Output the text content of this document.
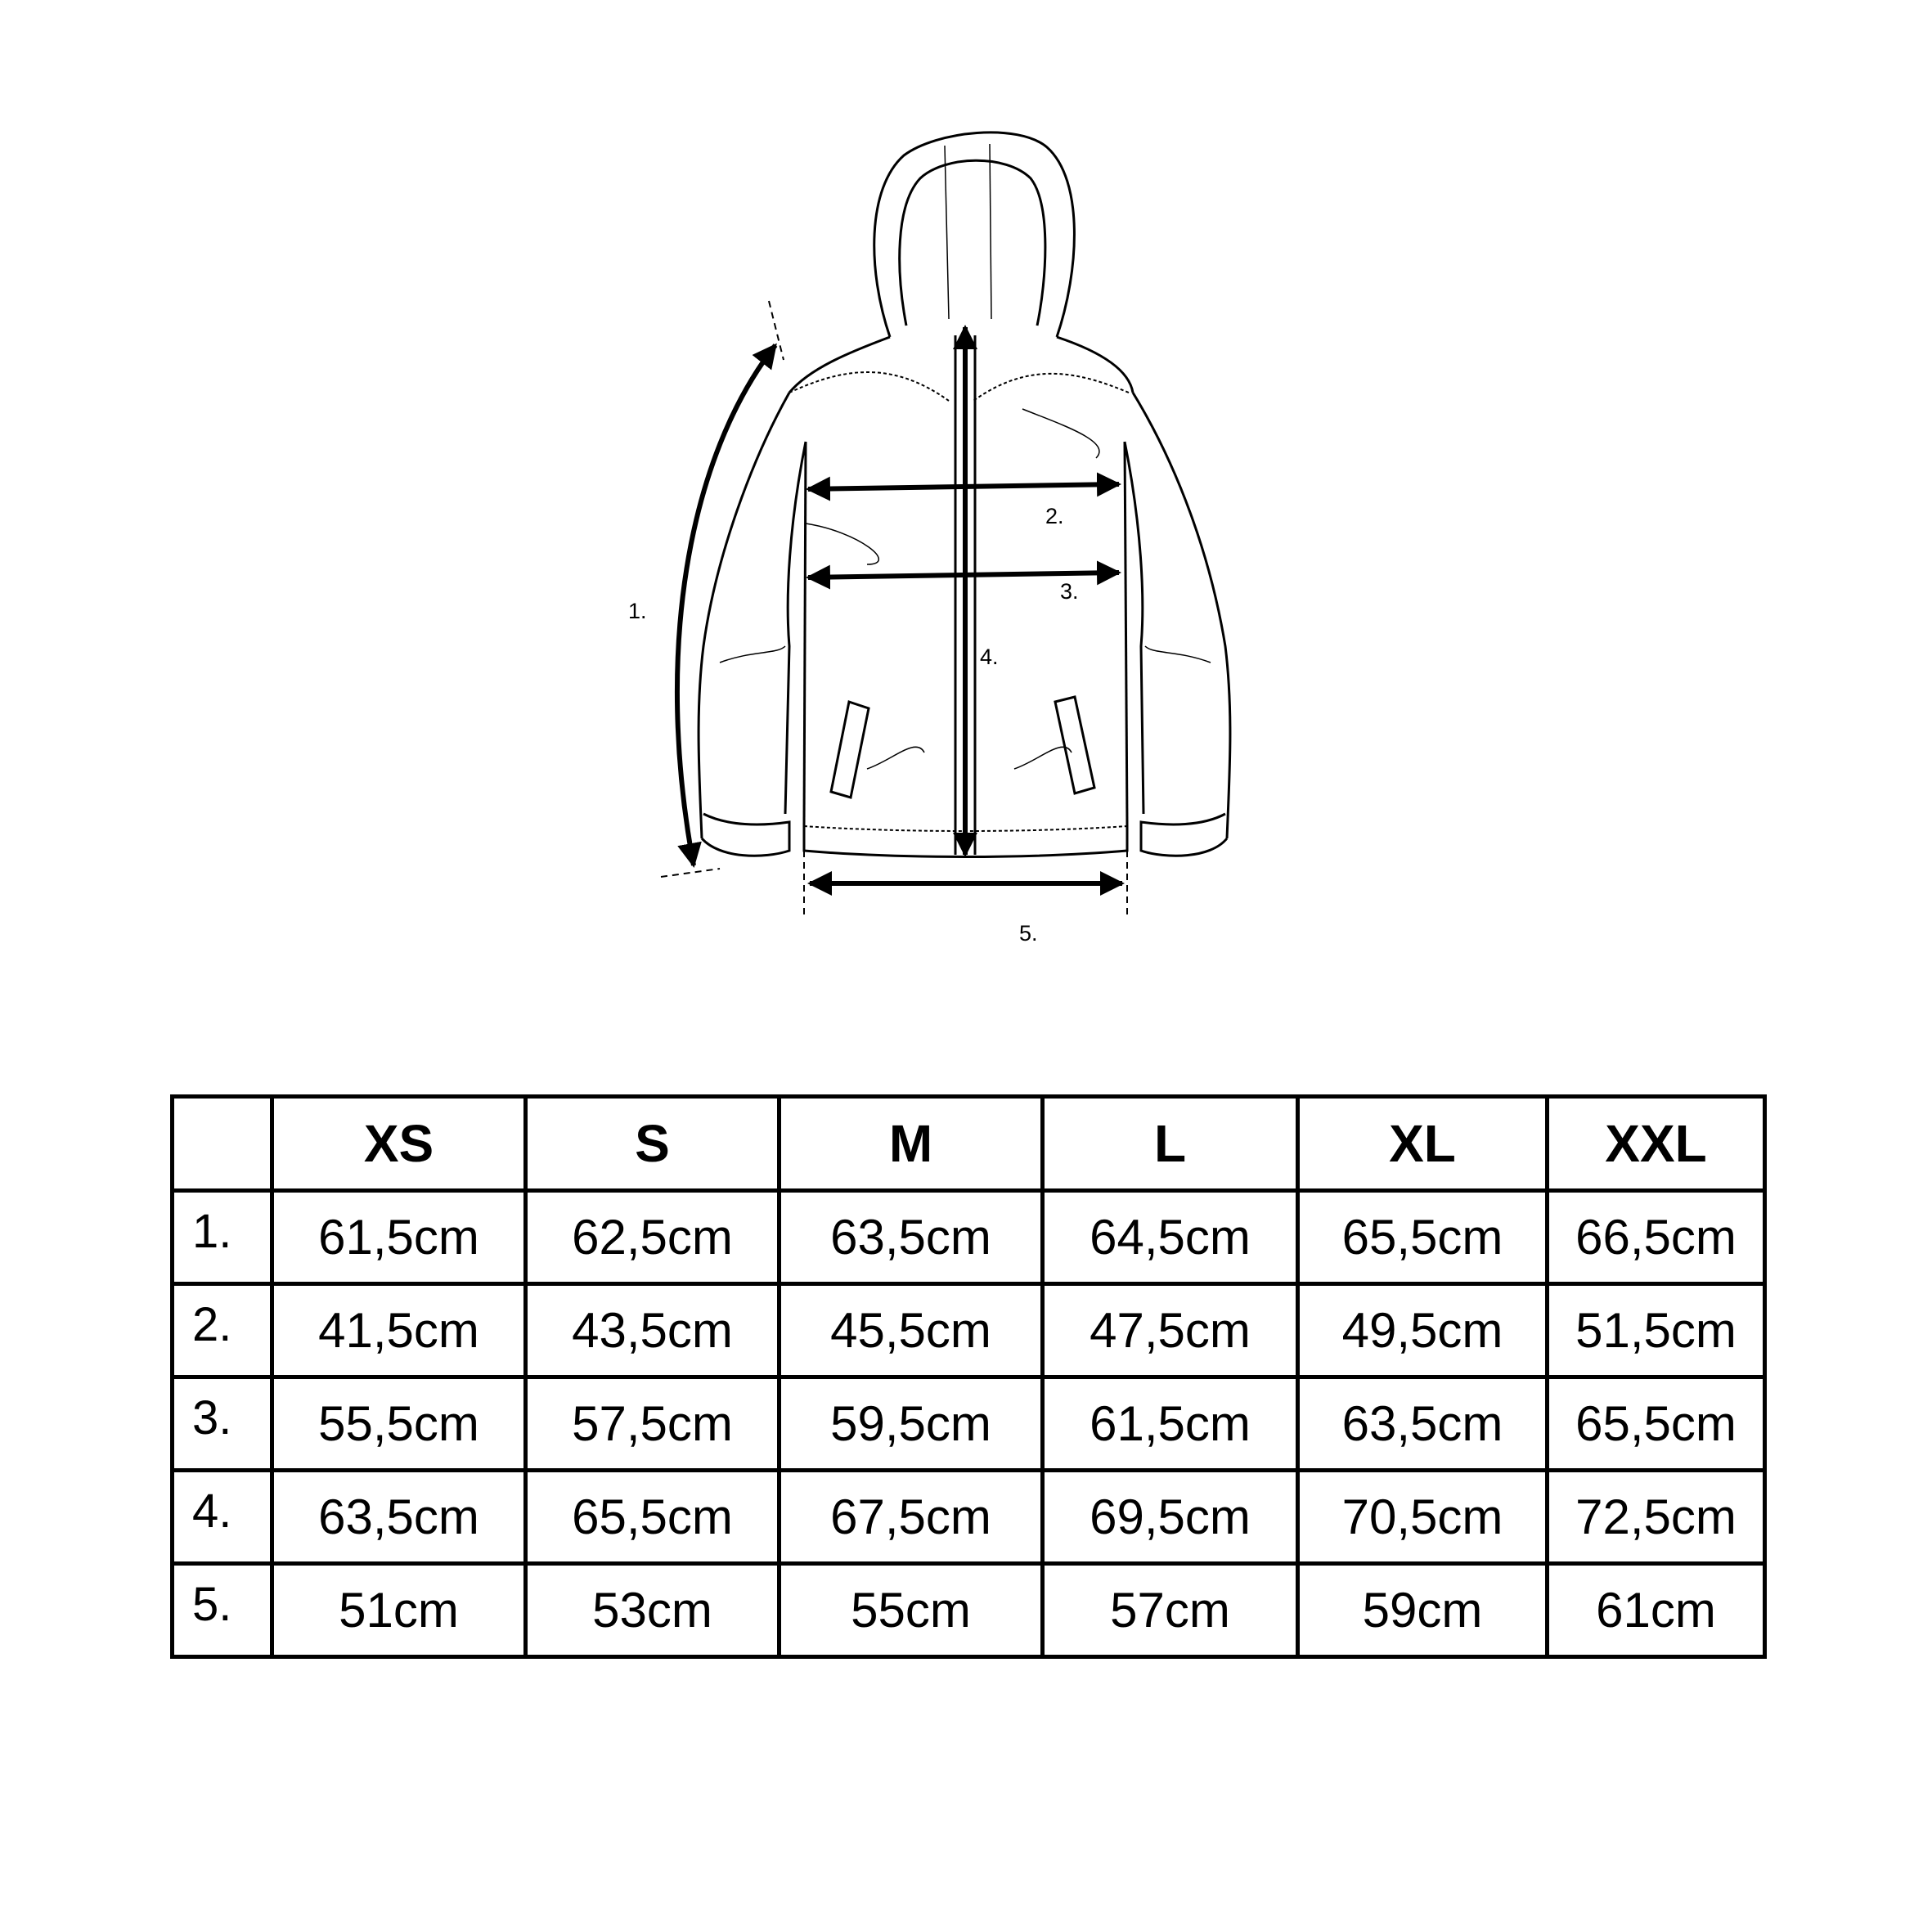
1.
2.
3.
4.
5.
	XS	S	M	L	XL	XXL
1.	61,5cm	62,5cm	63,5cm	64,5cm	65,5cm	66,5cm
2.	41,5cm	43,5cm	45,5cm	47,5cm	49,5cm	51,5cm
3.	55,5cm	57,5cm	59,5cm	61,5cm	63,5cm	65,5cm
4.	63,5cm	65,5cm	67,5cm	69,5cm	70,5cm	72,5cm
5.	51cm	53cm	55cm	57cm	59cm	61cm
